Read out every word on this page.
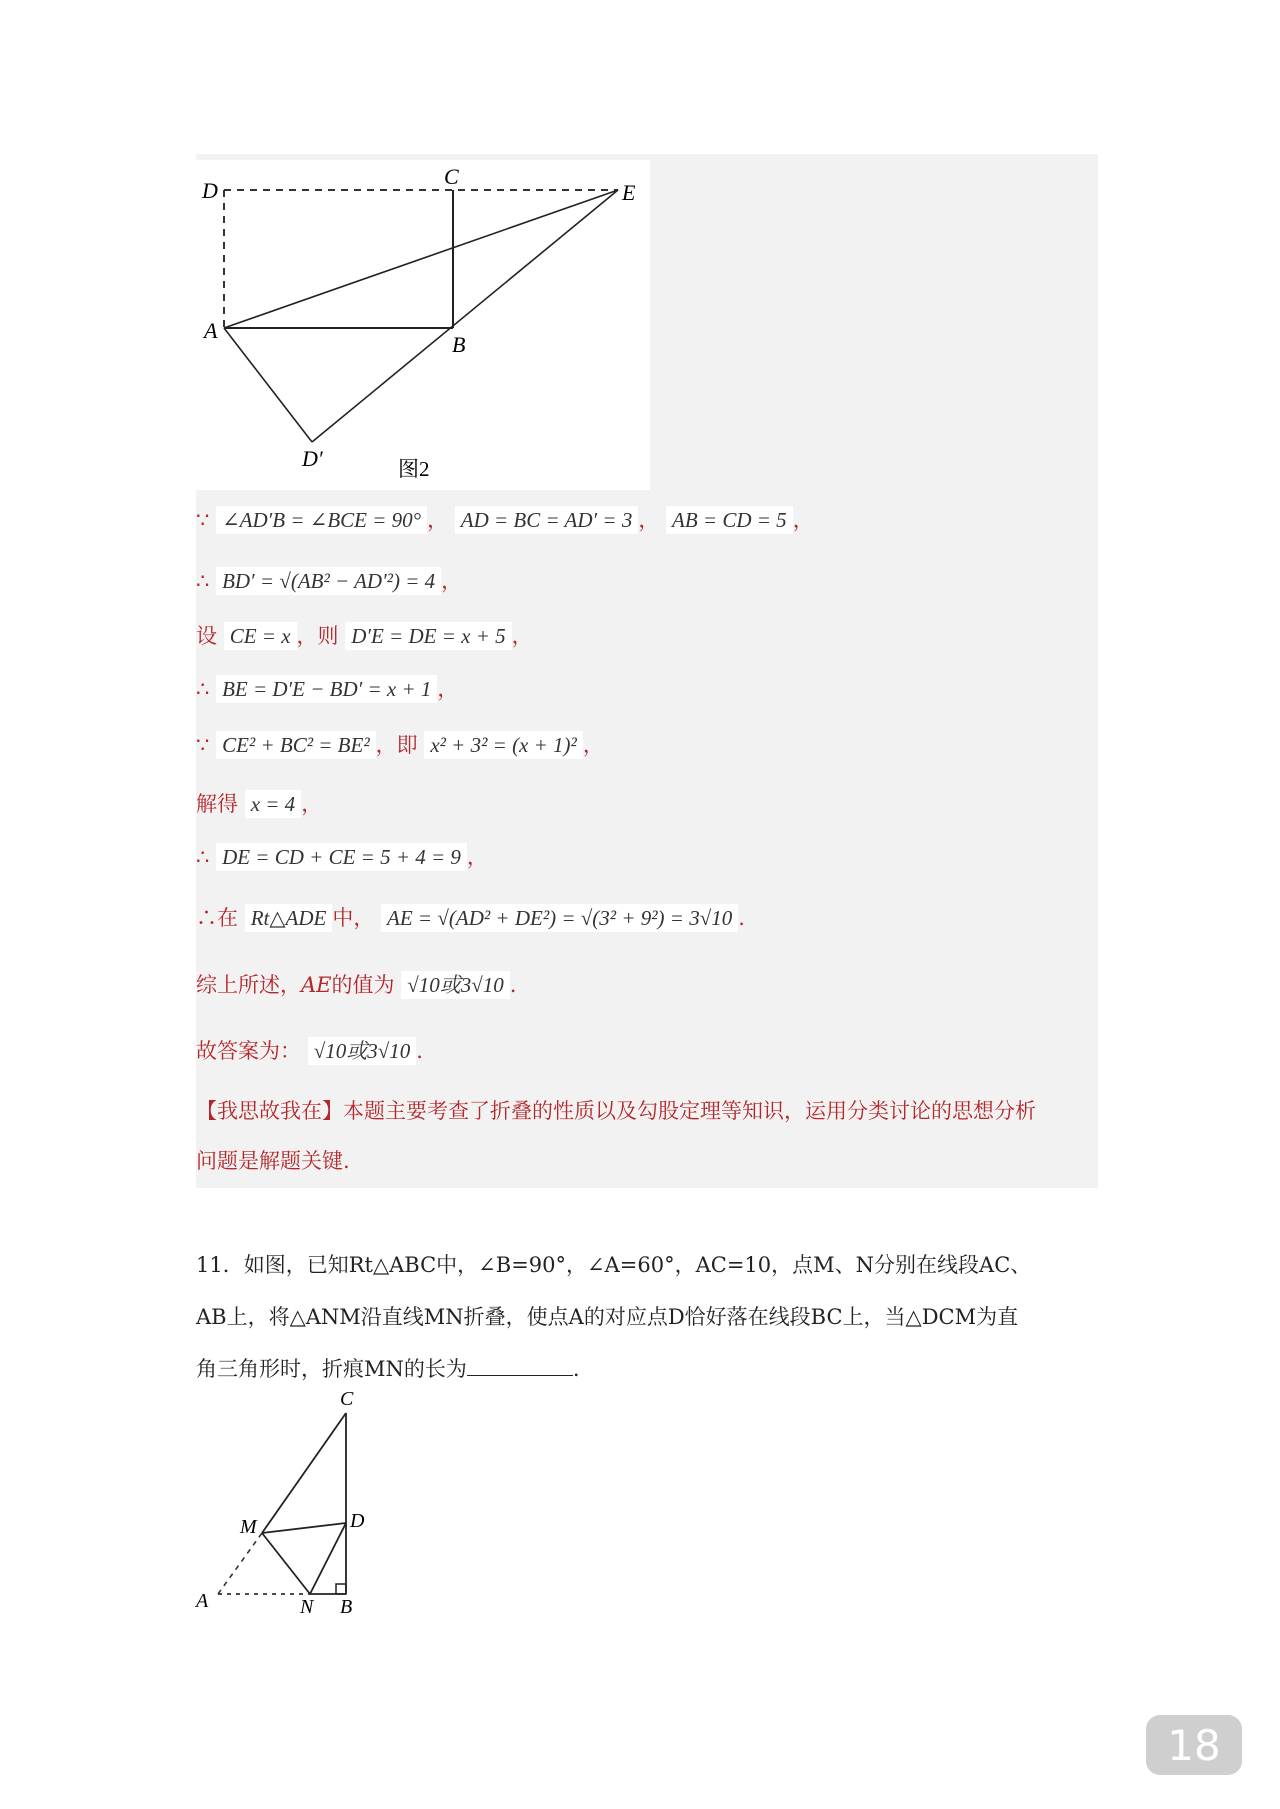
D
C
E
A
B
D′	图2
∵ ∠AD′B = ∠BCE = 90° ， AD = BC = AD′ = 3 ， AB = CD = 5 ，
∴ BD′ = √(AB² − AD′²) = 4 ，
设 CE = x ，则 D′E = DE = x + 5 ，
∴ BE = D′E − BD′ = x + 1 ，
∵ CE² + BC² = BE² ，即 x² + 3² = (x + 1)² ，
解得 x = 4 ，
∴ DE = CD + CE = 5 + 4 = 9 ，
∴在 Rt△ADE 中， AE = √(AD² + DE²) = √(3² + 9²) = 3√10 .
综上所述，AE的值为 √10或3√10 .
故答案为： √10或3√10 .
【我思故我在】本题主要考查了折叠的性质以及勾股定理等知识，运用分类讨论的思想分析
问题是解题关键.
11．如图，已知Rt△ABC中，∠B=90°，∠A=60°，AC=10，点M、N分别在线段AC、
AB上，将△ANM沿直线MN折叠，使点A的对应点D恰好落在线段BC上，当△DCM为直
角三角形时，折痕MN的长为	.
C
M	D
A	N B
18
